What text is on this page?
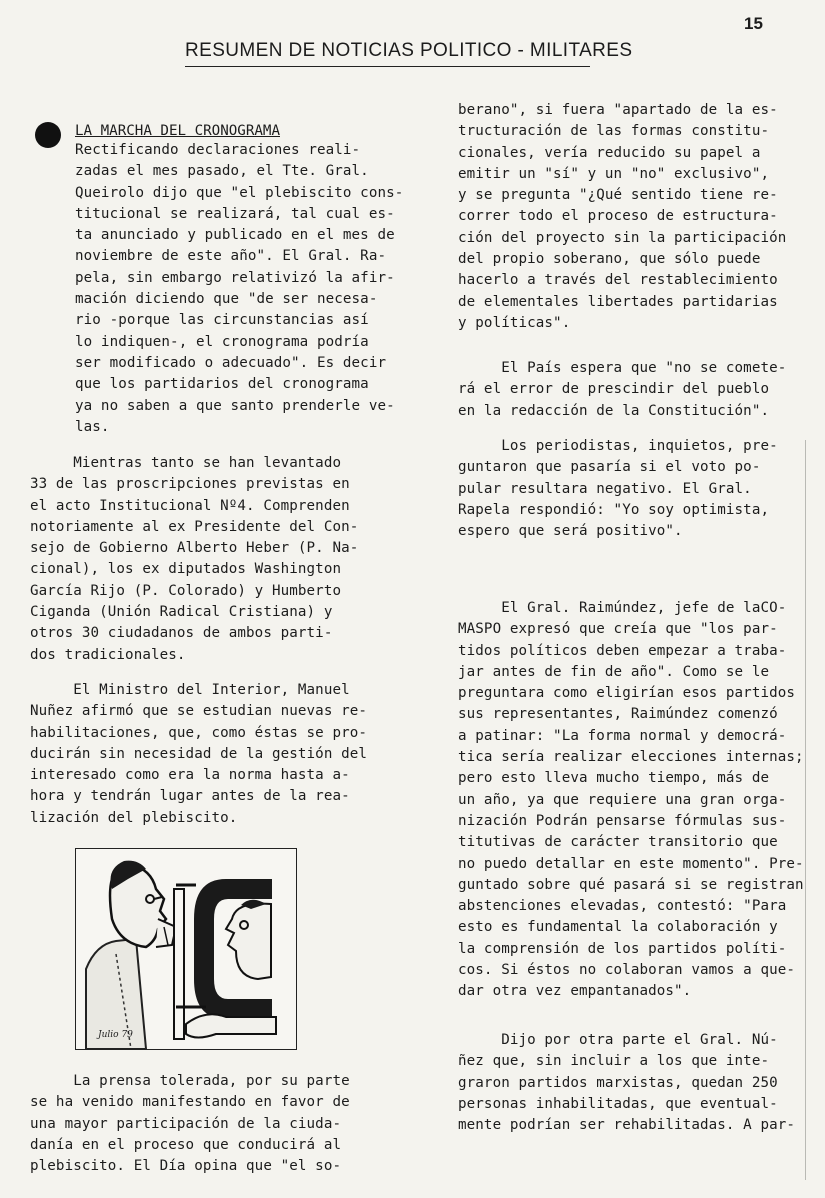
15
RESUMEN DE NOTICIAS POLITICO - MILITARES
LA MARCHA DEL CRONOGRAMA

Rectificando declaraciones reali-
zadas el mes pasado, el Tte. Gral.
Queirolo dijo que "el plebiscito cons-
titucional se realizará, tal cual es-
ta anunciado y publicado en el mes de
noviembre de este año". El Gral. Ra-
pela, sin embargo relativizó la afir-
mación diciendo que "de ser necesa-
rio -porque las circunstancias así
lo indiquen-, el cronograma podría
ser modificado o adecuado". Es decir
que los partidarios del cronograma
ya no saben a que santo prenderle ve-
las.

Mientras tanto se han levantado
33 de las proscripciones previstas en
el acto Institucional Nº4. Comprenden
notoriamente al ex Presidente del Con-
sejo de Gobierno Alberto Heber (P. Na-
cional), los ex diputados Washington
García Rijo (P. Colorado) y Humberto
Ciganda (Unión Radical Cristiana) y
otros 30 ciudadanos de ambos parti-
dos tradicionales.

El Ministro del Interior, Manuel
Nuñez afirmó que se estudian nuevas re-
habilitaciones, que, como éstas se pro-
ducirán sin necesidad de la gestión del
interesado como era la norma hasta a-
hora y tendrán lugar antes de la rea-
lización del plebiscito.

Julio 79

La prensa tolerada, por su parte
se ha venido manifestando en favor de
una mayor participación de la ciuda-
danía en el proceso que conducirá al
plebiscito. El Día opina que "el so-

berano", si fuera "apartado de la es-
tructuración de las formas constitu-
cionales, vería reducido su papel a
emitir un "sí" y un "no" exclusivo",
y se pregunta "¿Qué sentido tiene re-
correr todo el proceso de estructura-
ción del proyecto sin la participación
del propio soberano, que sólo puede
hacerlo a través del restablecimiento
de elementales libertades partidarias
y políticas".

El País espera que "no se comete-
rá el error de prescindir del pueblo
en la redacción de la Constitución".

Los periodistas, inquietos, pre-
guntaron que pasaría si el voto po-
pular resultara negativo. El Gral.
Rapela respondió: "Yo soy optimista,
espero que será positivo".

El Gral. Raimúndez, jefe de laCO-
MASPO expresó que creía que "los par-
tidos políticos deben empezar a traba-
jar antes de fin de año". Como se le
preguntara como eligirían esos partidos
sus representantes, Raimúndez comenzó
a patinar: "La forma normal y democrá-
tica sería realizar elecciones internas;
pero esto lleva mucho tiempo, más de
un año, ya que requiere una gran orga-
nización Podrán pensarse fórmulas sus-
titutivas de carácter transitorio que
no puedo detallar en este momento". Pre-
guntado sobre qué pasará si se registran
abstenciones elevadas, contestó: "Para
esto es fundamental la colaboración y
la comprensión de los partidos políti-
cos. Si éstos no colaboran vamos a que-
dar otra vez empantanados".

Dijo por otra parte el Gral. Nú-
ñez que, sin incluir a los que inte-
graron partidos marxistas, quedan 250
personas inhabilitadas, que eventual-
mente podrían ser rehabilitadas. A par-
